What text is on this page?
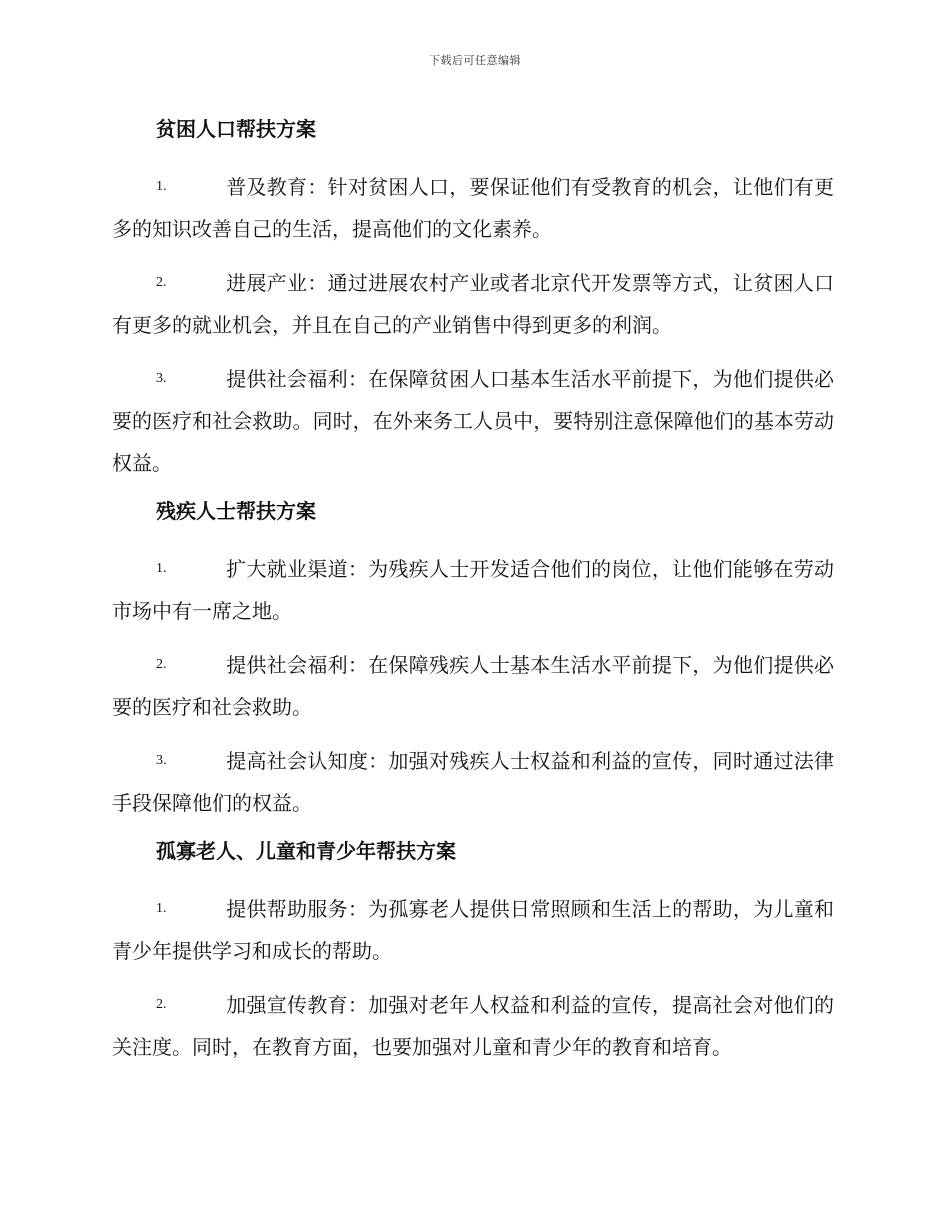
下载后可任意编辑
贫困人口帮扶方案
1.	普及教育：针对贫困人口，要保证他们有受教育的机会，让他们有更多的知识改善自己的生活，提高他们的文化素养。
2.	进展产业：通过进展农村产业或者北京代开发票等方式，让贫困人口有更多的就业机会，并且在自己的产业销售中得到更多的利润。
3.	提供社会福利：在保障贫困人口基本生活水平前提下，为他们提供必要的医疗和社会救助。同时，在外来务工人员中，要特别注意保障他们的基本劳动权益。
残疾人士帮扶方案
1.	扩大就业渠道：为残疾人士开发适合他们的岗位，让他们能够在劳动市场中有一席之地。
2.	提供社会福利：在保障残疾人士基本生活水平前提下，为他们提供必要的医疗和社会救助。
3.	提高社会认知度：加强对残疾人士权益和利益的宣传，同时通过法律手段保障他们的权益。
孤寡老人、儿童和青少年帮扶方案
1.	提供帮助服务：为孤寡老人提供日常照顾和生活上的帮助，为儿童和青少年提供学习和成长的帮助。
2.	加强宣传教育：加强对老年人权益和利益的宣传，提高社会对他们的关注度。同时，在教育方面，也要加强对儿童和青少年的教育和培育。
